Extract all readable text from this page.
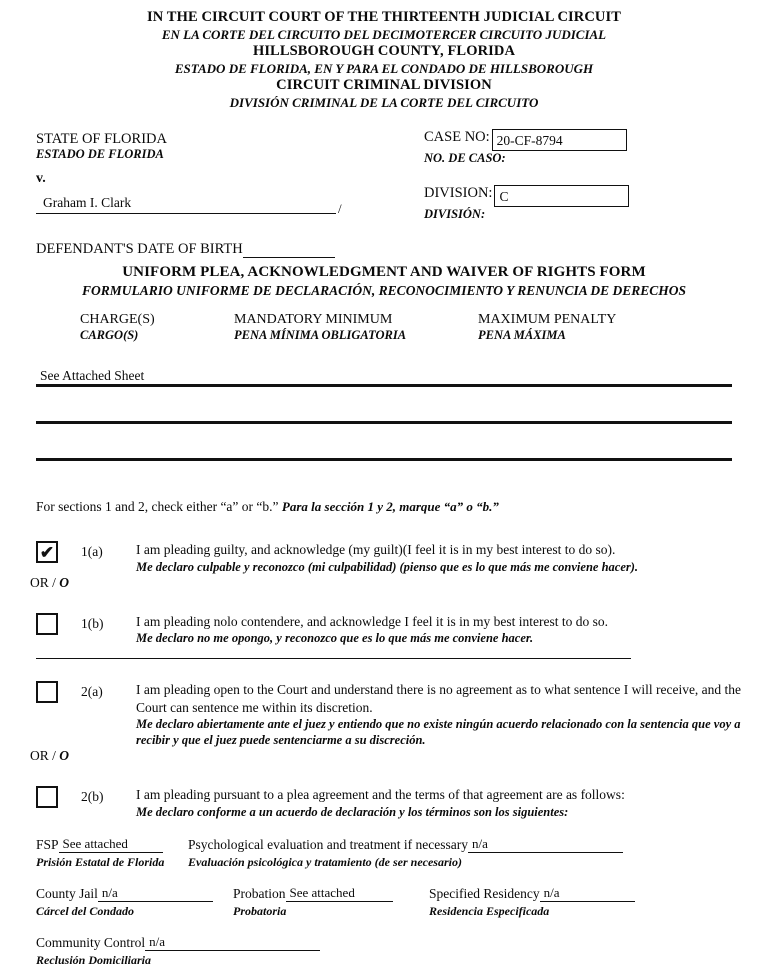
IN THE CIRCUIT COURT OF THE THIRTEENTH JUDICIAL CIRCUIT
EN LA CORTE DEL CIRCUITO DEL DECIMOTERCER CIRCUITO JUDICIAL
HILLSBOROUGH COUNTY, FLORIDA
ESTADO DE FLORIDA, EN Y PARA EL CONDADO DE HILLSBOROUGH
CIRCUIT CRIMINAL DIVISION
DIVISIÓN CRIMINAL DE LA CORTE DEL CIRCUITO
STATE OF FLORIDA
ESTADO DE FLORIDA
v.
Graham I. Clark	/
DEFENDANT'S DATE OF BIRTH
CASE NO: 20-CF-8794
NO. DE CASO:
DIVISION: C
DIVISIÓN:
UNIFORM PLEA, ACKNOWLEDGMENT AND WAIVER OF RIGHTS FORM
FORMULARIO UNIFORME DE DECLARACIÓN, RECONOCIMIENTO Y RENUNCIA DE DERECHOS
CHARGE(S)
CARGO(S)
MANDATORY MINIMUM
PENA MÍNIMA OBLIGATORIA
MAXIMUM PENALTY
PENA MÁXIMA
See Attached Sheet
For sections 1 and 2, check either “a” or “b.” Para la sección 1 y 2, marque “a” o “b.”
✔ 1(a) I am pleading guilty, and acknowledge (my guilt)(I feel it is in my best interest to do so).
Me declaro culpable y reconozco (mi culpabilidad) (pienso que es lo que más me conviene hacer).
OR / O
1(b) I am pleading nolo contendere, and acknowledge I feel it is in my best interest to do so.
Me declaro no me opongo, y reconozco que es lo que más me conviene hacer.
2(a) I am pleading open to the Court and understand there is no agreement as to what sentence I will receive, and the Court can sentence me within its discretion.
Me declaro abiertamente ante el juez y entiendo que no existe ningún acuerdo relacionado con la sentencia que voy a recibir y que el juez puede sentenciarme a su discreción.
OR / O
2(b) I am pleading pursuant to a plea agreement and the terms of that agreement are as follows:
Me declaro conforme a un acuerdo de declaración y los términos son los siguientes:
FSP See attached
Prisión Estatal de Florida
Psychological evaluation and treatment if necessary n/a
Evaluación psicológica y tratamiento (de ser necesario)
County Jail n/a
Cárcel del Condado
Probation See attached
Probatoria
Specified Residency n/a
Residencia Especificada
Community Control n/a
Reclusión Domiciliaria
